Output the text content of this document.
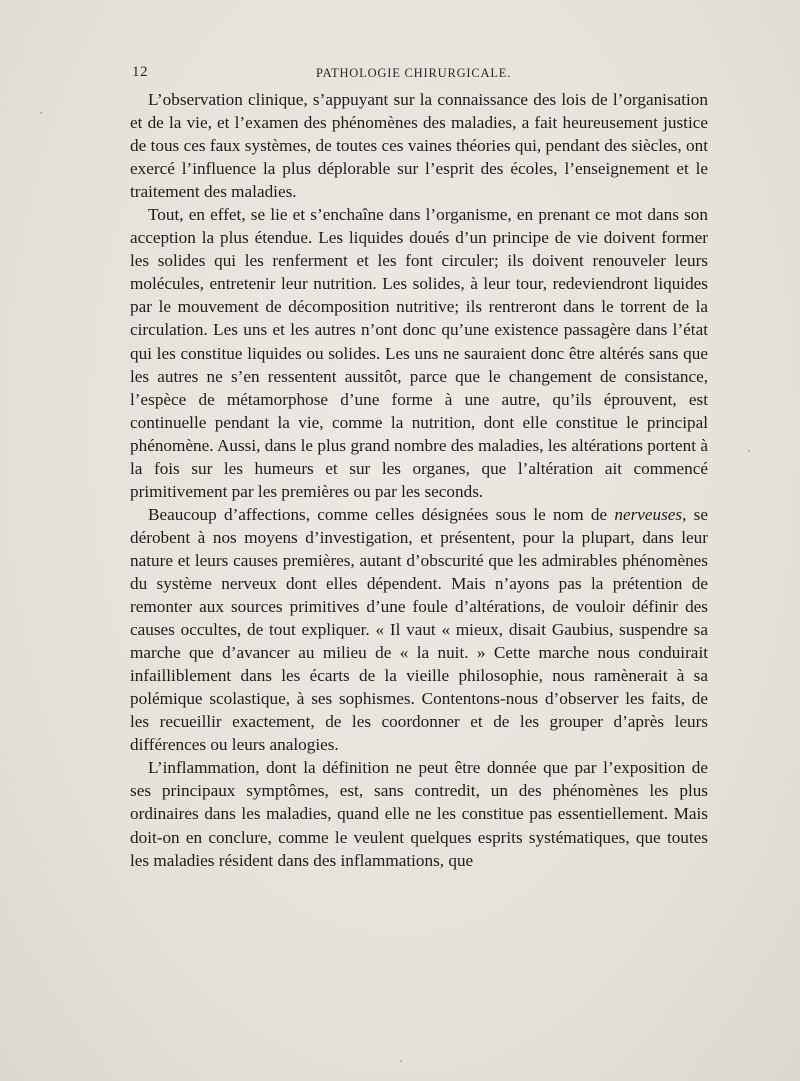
12	PATHOLOGIE CHIRURGICALE.

L’observation clinique, s’appuyant sur la connaissance des lois de l’organisation et de la vie, et l’examen des phénomènes des maladies, a fait heureusement justice de tous ces faux systèmes, de toutes ces vaines théories qui, pendant des siècles, ont exercé l’influence la plus déplorable sur l’esprit des écoles, l’enseignement et le traitement des maladies.

Tout, en effet, se lie et s’enchaîne dans l’organisme, en prenant ce mot dans son acception la plus étendue. Les liquides doués d’un principe de vie doivent former les solides qui les renferment et les font circuler; ils doivent renouveler leurs molécules, entretenir leur nutrition. Les solides, à leur tour, redeviendront liquides par le mouvement de décomposition nutritive; ils rentreront dans le torrent de la circulation. Les uns et les autres n’ont donc qu’une existence passagère dans l’état qui les constitue liquides ou solides. Les uns ne sauraient donc être altérés sans que les autres ne s’en ressentent aussitôt, parce que le changement de consistance, l’espèce de métamorphose d’une forme à une autre, qu’ils éprouvent, est continuelle pendant la vie, comme la nutrition, dont elle constitue le principal phénomène. Aussi, dans le plus grand nombre des maladies, les altérations portent à la fois sur les humeurs et sur les organes, que l’altération ait commencé primitivement par les premières ou par les seconds.

Beaucoup d’affections, comme celles désignées sous le nom de nerveuses, se dérobent à nos moyens d’investigation, et présentent, pour la plupart, dans leur nature et leurs causes premières, autant d’obscurité que les admirables phénomènes du système nerveux dont elles dépendent. Mais n’ayons pas la prétention de remonter aux sources primitives d’une foule d’altérations, de vouloir définir des causes occultes, de tout expliquer. « Il vaut « mieux, disait Gaubius, suspendre sa marche que d’avancer au milieu de « la nuit. » Cette marche nous conduirait infailliblement dans les écarts de la vieille philosophie, nous ramènerait à sa polémique scolastique, à ses sophismes. Contentons-nous d’observer les faits, de les recueillir exactement, de les coordonner et de les grouper d’après leurs différences ou leurs analogies.

L’inflammation, dont la définition ne peut être donnée que par l’exposition de ses principaux symptômes, est, sans contredit, un des phénomènes les plus ordinaires dans les maladies, quand elle ne les constitue pas essentiellement. Mais doit-on en conclure, comme le veulent quelques esprits systématiques, que toutes les maladies résident dans des inflammations, que
